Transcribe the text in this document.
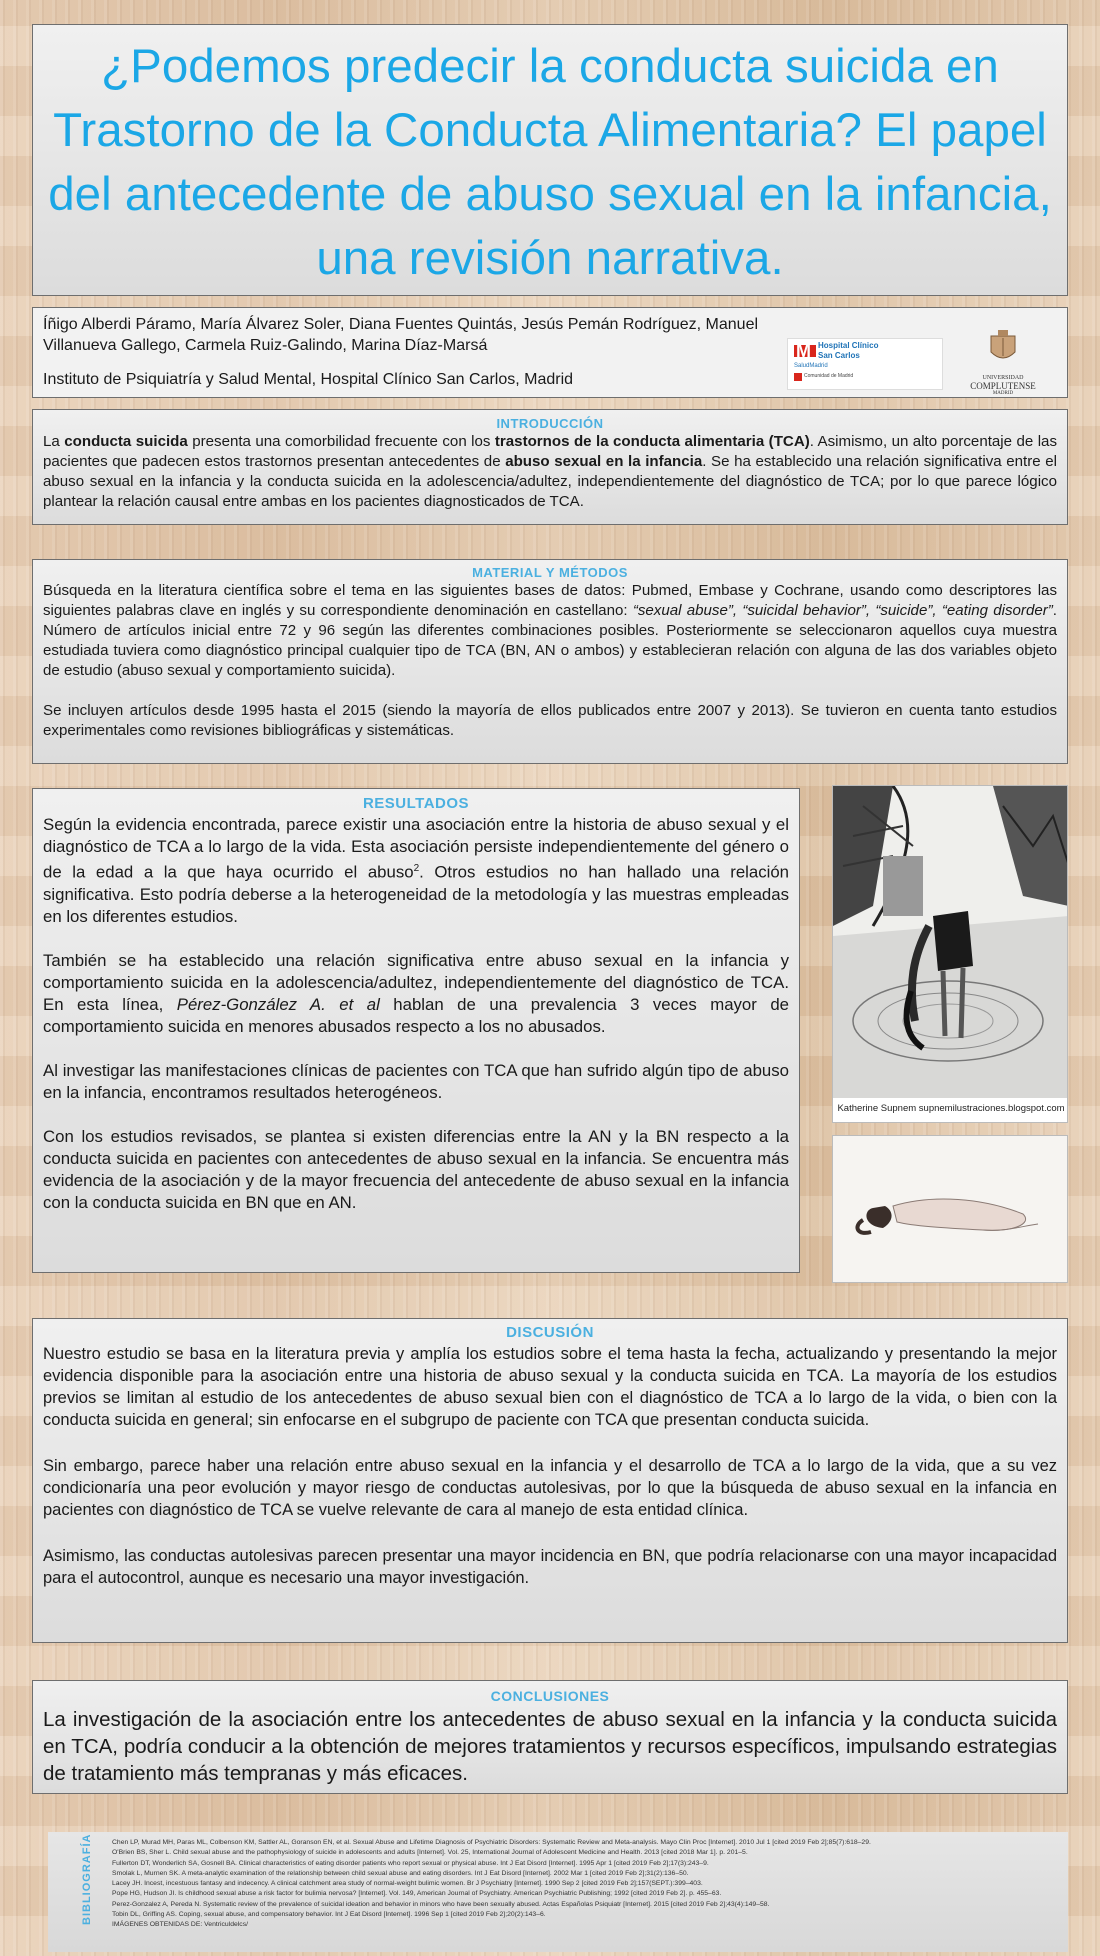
¿Podemos predecir la conducta suicida en Trastorno de la Conducta Alimentaria? El papel del antecedente de abuso sexual en la infancia, una revisión narrativa.
Íñigo Alberdi Páramo, María Álvarez Soler, Diana Fuentes Quintás, Jesús Pemán Rodríguez, Manuel Villanueva Gallego, Carmela Ruiz-Galindo, Marina Díaz-Marsá
Instituto de Psiquiatría y Salud Mental, Hospital Clínico San Carlos, Madrid
M Hospital Clínico
San Carlos
SaludMadrid
Comunidad de Madrid	UNIVERSIDAD
COMPLUTENSE
MADRID
INTRODUCCIÓN

La conducta suicida presenta una comorbilidad frecuente con los trastornos de la conducta alimentaria (TCA). Asimismo, un alto porcentaje de las pacientes que padecen estos trastornos presentan antecedentes de abuso sexual en la infancia. Se ha establecido una relación significativa entre el abuso sexual en la infancia y la conducta suicida en la adolescencia/adultez, independientemente del diagnóstico de TCA; por lo que parece lógico plantear la relación causal entre ambas en los pacientes diagnosticados de TCA.

MATERIAL Y MÉTODOS

Búsqueda en la literatura científica sobre el tema en las siguientes bases de datos: Pubmed, Embase y Cochrane, usando como descriptores las siguientes palabras clave en inglés y su correspondiente denominación en castellano: “sexual abuse”, “suicidal behavior”, “suicide”, “eating disorder”. Número de artículos inicial entre 72 y 96 según las diferentes combinaciones posibles. Posteriormente se seleccionaron aquellos cuya muestra estudiada tuviera como diagnóstico principal cualquier tipo de TCA (BN, AN o ambos) y establecieran relación con alguna de las dos variables objeto de estudio (abuso sexual y comportamiento suicida).

Se incluyen artículos desde 1995 hasta el 2015 (siendo la mayoría de ellos publicados entre 2007 y 2013). Se tuvieron en cuenta tanto estudios experimentales como revisiones bibliográficas y sistemáticas.

RESULTADOS

Según la evidencia encontrada, parece existir una asociación entre la historia de abuso sexual y el diagnóstico de TCA a lo largo de la vida. Esta asociación persiste independientemente del género o de la edad a la que haya ocurrido el abuso$^2$. Otros estudios no han hallado una relación significativa. Esto podría deberse a la heterogeneidad de la metodología y las muestras empleadas en los diferentes estudios.

También se ha establecido una relación significativa entre abuso sexual en la infancia y comportamiento suicida en la adolescencia/adultez, independientemente del diagnóstico de TCA. En esta línea, Pérez-González A. et al hablan de una prevalencia 3 veces mayor de comportamiento suicida en menores abusados respecto a los no abusados.

Al investigar las manifestaciones clínicas de pacientes con TCA que han sufrido algún tipo de abuso en la infancia, encontramos resultados heterogéneos.

Con los estudios revisados, se plantea si existen diferencias entre la AN y la BN respecto a la conducta suicida en pacientes con antecedentes de abuso sexual en la infancia. Se encuentra más evidencia de la asociación y de la mayor frecuencia del antecedente de abuso sexual en la infancia con la conducta suicida en BN que en AN.

Katherine Supnem supnemilustraciones.blogspot.com
DISCUSIÓN

Nuestro estudio se basa en la literatura previa y amplía los estudios sobre el tema hasta la fecha, actualizando y presentando la mejor evidencia disponible para la asociación entre una historia de abuso sexual y la conducta suicida en TCA. La mayoría de los estudios previos se limitan al estudio de los antecedentes de abuso sexual bien con el diagnóstico de TCA a lo largo de la vida, o bien con la conducta suicida en general; sin enfocarse en el subgrupo de paciente con TCA que presentan conducta suicida.

Sin embargo, parece haber una relación entre abuso sexual en la infancia y el desarrollo de TCA a lo largo de la vida, que a su vez condicionaría una peor evolución y mayor riesgo de conductas autolesivas, por lo que la búsqueda de abuso sexual en la infancia en pacientes con diagnóstico de TCA se vuelve relevante de cara al manejo de esta entidad clínica.

Asimismo, las conductas autolesivas parecen presentar una mayor incidencia en BN, que podría relacionarse con una mayor incapacidad para el autocontrol, aunque es necesario una mayor investigación.

CONCLUSIONES

La investigación de la asociación entre los antecedentes de abuso sexual en la infancia y la conducta suicida en TCA, podría conducir a la obtención de mejores tratamientos y recursos específicos, impulsando estrategias de tratamiento más tempranas y más eficaces.

BIBLIOGRAFÍA	Chen LP, Murad MH, Paras ML, Colbenson KM, Sattler AL, Goranson EN, et al. Sexual Abuse and Lifetime Diagnosis of Psychiatric Disorders: Systematic Review and Meta-analysis. Mayo Clin Proc [Internet]. 2010 Jul 1 [cited 2019 Feb 2];85(7):618–29.
O'Brien BS, Sher L. Child sexual abuse and the pathophysiology of suicide in adolescents and adults [Internet]. Vol. 25, International Journal of Adolescent Medicine and Health. 2013 [cited 2018 Mar 1]. p. 201–5.
Fullerton DT, Wonderlich SA, Gosnell BA. Clinical characteristics of eating disorder patients who report sexual or physical abuse. Int J Eat Disord [Internet]. 1995 Apr 1 [cited 2019 Feb 2];17(3):243–9.
Smolak L, Murnen SK. A meta-analytic examination of the relationship between child sexual abuse and eating disorders. Int J Eat Disord [Internet]. 2002 Mar 1 [cited 2019 Feb 2];31(2):136–50.
Lacey JH. Incest, incestuous fantasy and indecency. A clinical catchment area study of normal-weight bulimic women. Br J Psychiatry [Internet]. 1990 Sep 2 [cited 2019 Feb 2];157(SEPT.):399–403.
Pope HG, Hudson JI. Is childhood sexual abuse a risk factor for bulimia nervosa? [Internet]. Vol. 149, American Journal of Psychiatry. American Psychiatric Publishing; 1992 [cited 2019 Feb 2]. p. 455–63.
Perez-Gonzalez A, Pereda N. Systematic review of the prevalence of suicidal ideation and behavior in minors who have been sexually abused. Actas Españolas Psiquiatr [Internet]. 2015 [cited 2019 Feb 2];43(4):149–58.
Tobin DL, Griffing AS. Coping, sexual abuse, and compensatory behavior. Int J Eat Disord [Internet]. 1996 Sep 1 [cited 2019 Feb 2];20(2):143–6.
IMÁGENES OBTENIDAS DE: Ventriculdelcs/
